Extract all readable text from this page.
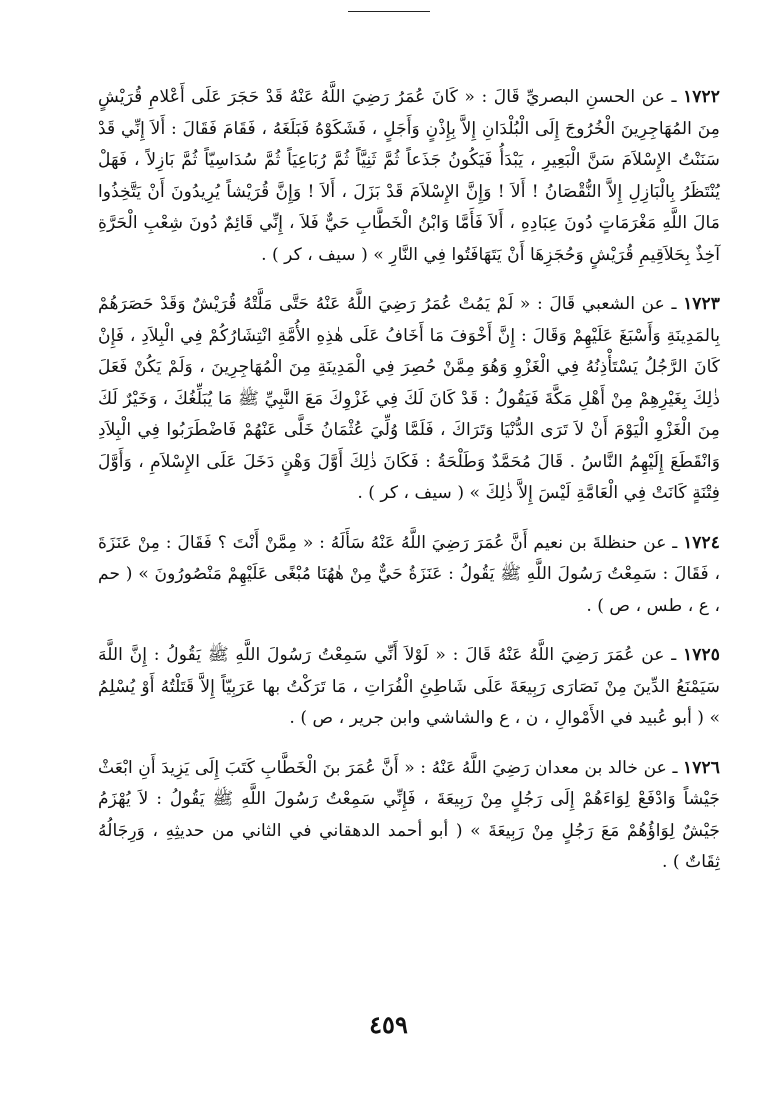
١٧٢٢ ـ عن الحسنِ البصريِّ قَالَ : « كَانَ عُمَرُ رَضِيَ اللَّهُ عَنْهُ قَدْ حَجَرَ عَلَى أَعْلامِ قُرَيْشٍ مِنَ المُهَاجِرِينَ الْخُرُوجَ إِلَى الْبُلْدَانِ إِلاَّ بِإِذْنٍ وَأَجَلٍ ، فَشَكَوْهُ فَبَلَغَهُ ، فَقَامَ فَقَالَ : أَلاَ إِنِّي قَدْ سَنَنْتُ الإِسْلاَمَ سَنَّ الْبَعِيرِ ، يَبْدَأُ فَيَكُونُ جَذَعاً ثُمَّ ثَنِيَّاً ثُمَّ رُبَاعِيَاً ثُمَّ سُدَاسِيّاً ثُمَّ بَازِلاً ، فَهَلْ يُنْتَظَرُ بِالْبَازِلِ إِلاَّ النُّقْصَانُ ! أَلاَ ! وَإِنَّ الإِسْلاَمَ قَدْ بَزَلَ ، أَلاَ ! وَإِنَّ قُرَيْشاً يُرِيدُونَ أَنْ يَتَّخِذُوا مَالَ اللَّهِ مَغْرَمَاتٍ دُونَ عِبَادِهِ ، أَلاَ فَأَمَّا وَابْنُ الْخَطَّابِ حَيٌّ فَلاَ ، إِنِّي قَائِمٌ دُونَ شِعْبِ الْحَرَّةِ آخِذٌ بِحَلاَقِيمِ قُرَيْشٍ وَحُجَزِهَا أَنْ يَتَهَافَتُوا فِي النَّارِ » ( سيف ، كر ) .

١٧٢٣ ـ عن الشعبي قَالَ : « لَمْ يَمُتْ عُمَرُ رَضِيَ اللَّهُ عَنْهُ حَتَّى مَلَّتْهُ قُرَيْشٌ وَقَدْ حَصَرَهُمْ بِالمَدِينَةِ وَأَسْبَغَ عَلَيْهِمْ وَقَالَ : إِنَّ أَخْوَفَ مَا أَخَافُ عَلَى هٰذِهِ الأُمَّةِ انْتِشَارُكُمْ فِي الْبِلاَدِ ، فَإِنْ كَانَ الرَّجُلُ يَسْتَأْذِنُهُ فِي الْغَزْوِ وَهُوَ مِمَّنْ حُصِرَ فِي الْمَدِينَةِ مِنَ الْمُهَاجِرِينَ ، وَلَمْ يَكُنْ فَعَلَ ذٰلِكَ بِغَيْرِهِمْ مِنْ أَهْلِ مَكَّةَ فَيَقُولُ : قَدْ كَانَ لَكَ فِي غَزْوِكَ مَعَ النَّبِيِّ ﷺ مَا يُبَلِّغُكَ ، وَخَيْرٌ لَكَ مِنَ الْغَزْوِ الْيَوْمَ أَنْ لاَ تَرَى الدُّنْيَا وَتَرَاكَ ، فَلَمَّا وُلِّيَ عُثْمَانُ خَلَّى عَنْهُمْ فَاضْطَرَبُوا فِي الْبِلاَدِ وَانْقَطَعَ إِلَيْهِمُ النَّاسُ . قَالَ مُحَمَّدٌ وَطَلْحَةُ : فَكَانَ ذٰلِكَ أَوَّلَ وَهْنٍ دَخَلَ عَلَى الإِسْلاَمِ ، وَأَوَّلَ فِتْنَةٍ كَانَتْ فِي الْعَامَّةِ لَيْسَ إِلاَّ ذٰلِكَ » ( سيف ، كر ) .

١٧٢٤ ـ عن حنظلةَ بن نعيم أَنَّ عُمَرَ رَضِيَ اللَّهُ عَنْهُ سَأَلَهُ : « مِمَّنْ أَنْتَ ؟ فَقَالَ : مِنْ عَنَزَةَ ، فَقَالَ : سَمِعْتُ رَسُولَ اللَّهِ ﷺ يَقُولُ : عَنَزَةُ حَيٌّ مِنْ هٰهُنَا مُبْغًى عَلَيْهِمْ مَنْصُورُونَ » ( حم ، ع ، طس ، ص ) .

١٧٢٥ ـ عن عُمَرَ رَضِيَ اللَّهُ عَنْهُ قَالَ : « لَوْلاَ أَنِّي سَمِعْتُ رَسُولَ اللَّهِ ﷺ يَقُولُ : إِنَّ اللَّهَ سَيَمْنَعُ الدِّينَ مِنْ نَصَارَى رَبِيعَةَ عَلَى شَاطِئِ الْفُرَاتِ ، مَا تَرَكْتُ بها عَرَبِيّاً إِلاَّ قَتَلْتُهُ أَوْ يُسْلِمُ » ( أبو عُبيد في الأَمْوالِ ، ن ، ع والشاشي وابن جرير ، ص ) .

١٧٢٦ ـ عن خالد بن معدان رَضِيَ اللَّهُ عَنْهُ : « أَنَّ عُمَرَ بنَ الْخَطَّابِ كَتَبَ إِلَى يَزِيدَ أَنِ ابْعَثْ جَيْشاً وَادْفَعْ لِوَاءَهُمْ إِلَى رَجُلٍ مِنْ رَبِيعَةَ ، فَإِنِّي سَمِعْتُ رَسُولَ اللَّهِ ﷺ يَقُولُ : لاَ يُهْزَمُ جَيْشٌ لِوَاؤُهُمْ مَعَ رَجُلٍ مِنْ رَبِيعَةَ » ( أبو أحمد الدهقاني في الثاني من حديثِهِ ، وَرِجَالُهُ ثِقَاتٌ ) .

٤٥٩
